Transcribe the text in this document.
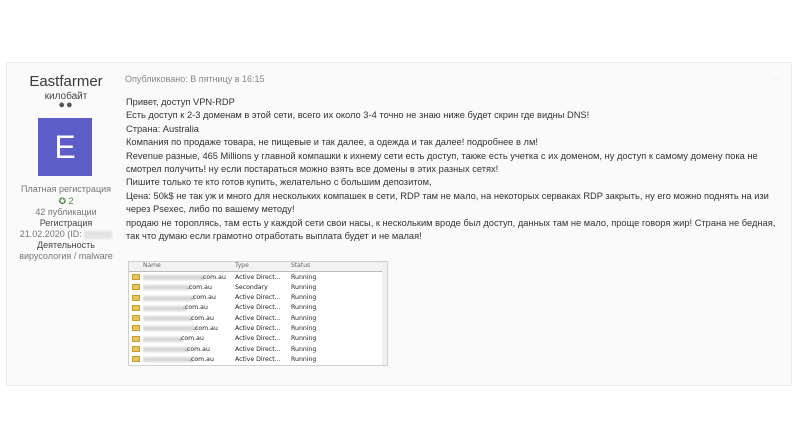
Eastfarmer
килобайт
●●
E
Платная регистрация
✪ 2
42 публикации
Регистрация
21.02.2020 (ID:
Деятельность
вирусология / malware
Опубликовано: В пятницу в 16:15	⋯

Привет, доступ VPN-RDP

Есть доступ к 2-3 доменам в этой сети, всего их около 3-4 точно не знаю ниже будет скрин где видны DNS!

Страна: Australia

Компания по продаже товара, не пищевые и так далее, а одежда и так далее! подробнее в лм!

Revenue разные, 465 Millions у главной компашки к ихнему сети есть доступ, также есть учетка с их доменом, ну доступ к самому домену пока не смотрел получить! ну если постараться можно взять все домены в этих разных сетях!

Пишите только те кто готов купить, желательно с большим депозитом,

Цена: 50k$ не так уж и много для нескольких компашек в сети, RDP там не мало, на некоторых серваках RDP закрыть, ну его можно поднять на изи через Psexec, либо по вашему методу!

продаю не тороплясь, там есть у каждой сети свои насы, к нескольким вроде был доступ, данных там не мало, проще говоря жир! Страна не бедная, так что думаю если грамотно отработать выплата будет и не малая!

Name	Type	Status
.com.au Active Direct... Running
.com.au	Secondary	Running
.com.au	Active Direct... Running
.com.au	Active Direct... Running
.com.au	Active Direct... Running
.com.au	Active Direct... Running
.com.au	Active Direct... Running
.com.au	Active Direct... Running
.com.au	Active Direct... Running
